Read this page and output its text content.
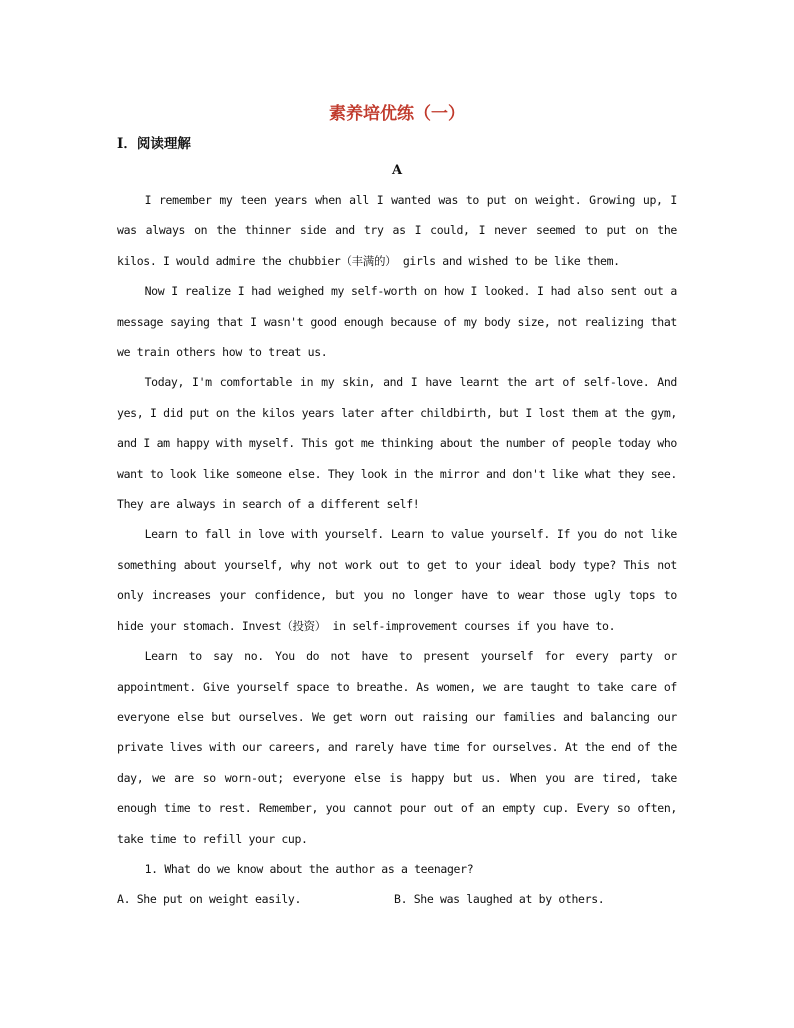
素养培优练（一）
Ⅰ．阅读理解
A

I remember my teen years when all I wanted was to put on weight. Growing up, I was always on the thinner side and try as I could, I never seemed to put on the kilos. I would admire the chubbier（丰满的） girls and wished to be like them.

Now I realize I had weighed my self-worth on how I looked. I had also sent out a message saying that I wasn't good enough because of my body size, not realizing that we train others how to treat us.

Today, I'm comfortable in my skin, and I have learnt the art of self-love. And yes, I did put on the kilos years later after childbirth, but I lost them at the gym, and I am happy with myself. This got me thinking about the number of people today who want to look like someone else. They look in the mirror and don't like what they see. They are always in search of a different self!

Learn to fall in love with yourself. Learn to value yourself. If you do not like something about yourself, why not work out to get to your ideal body type? This not only increases your confidence, but you no longer have to wear those ugly tops to hide your stomach. Invest（投资） in self-improvement courses if you have to.

Learn to say no. You do not have to present yourself for every party or appointment. Give yourself space to breathe. As women, we are taught to take care of everyone else but ourselves. We get worn out raising our families and balancing our private lives with our careers, and rarely have time for ourselves. At the end of the day, we are so worn-out; everyone else is happy but us. When you are tired, take enough time to rest. Remember, you cannot pour out of an empty cup. Every so often, take time to refill your cup.

1. What do we know about the author as a teenager?

A. She put on weight easily.	B. She was laughed at by others.
